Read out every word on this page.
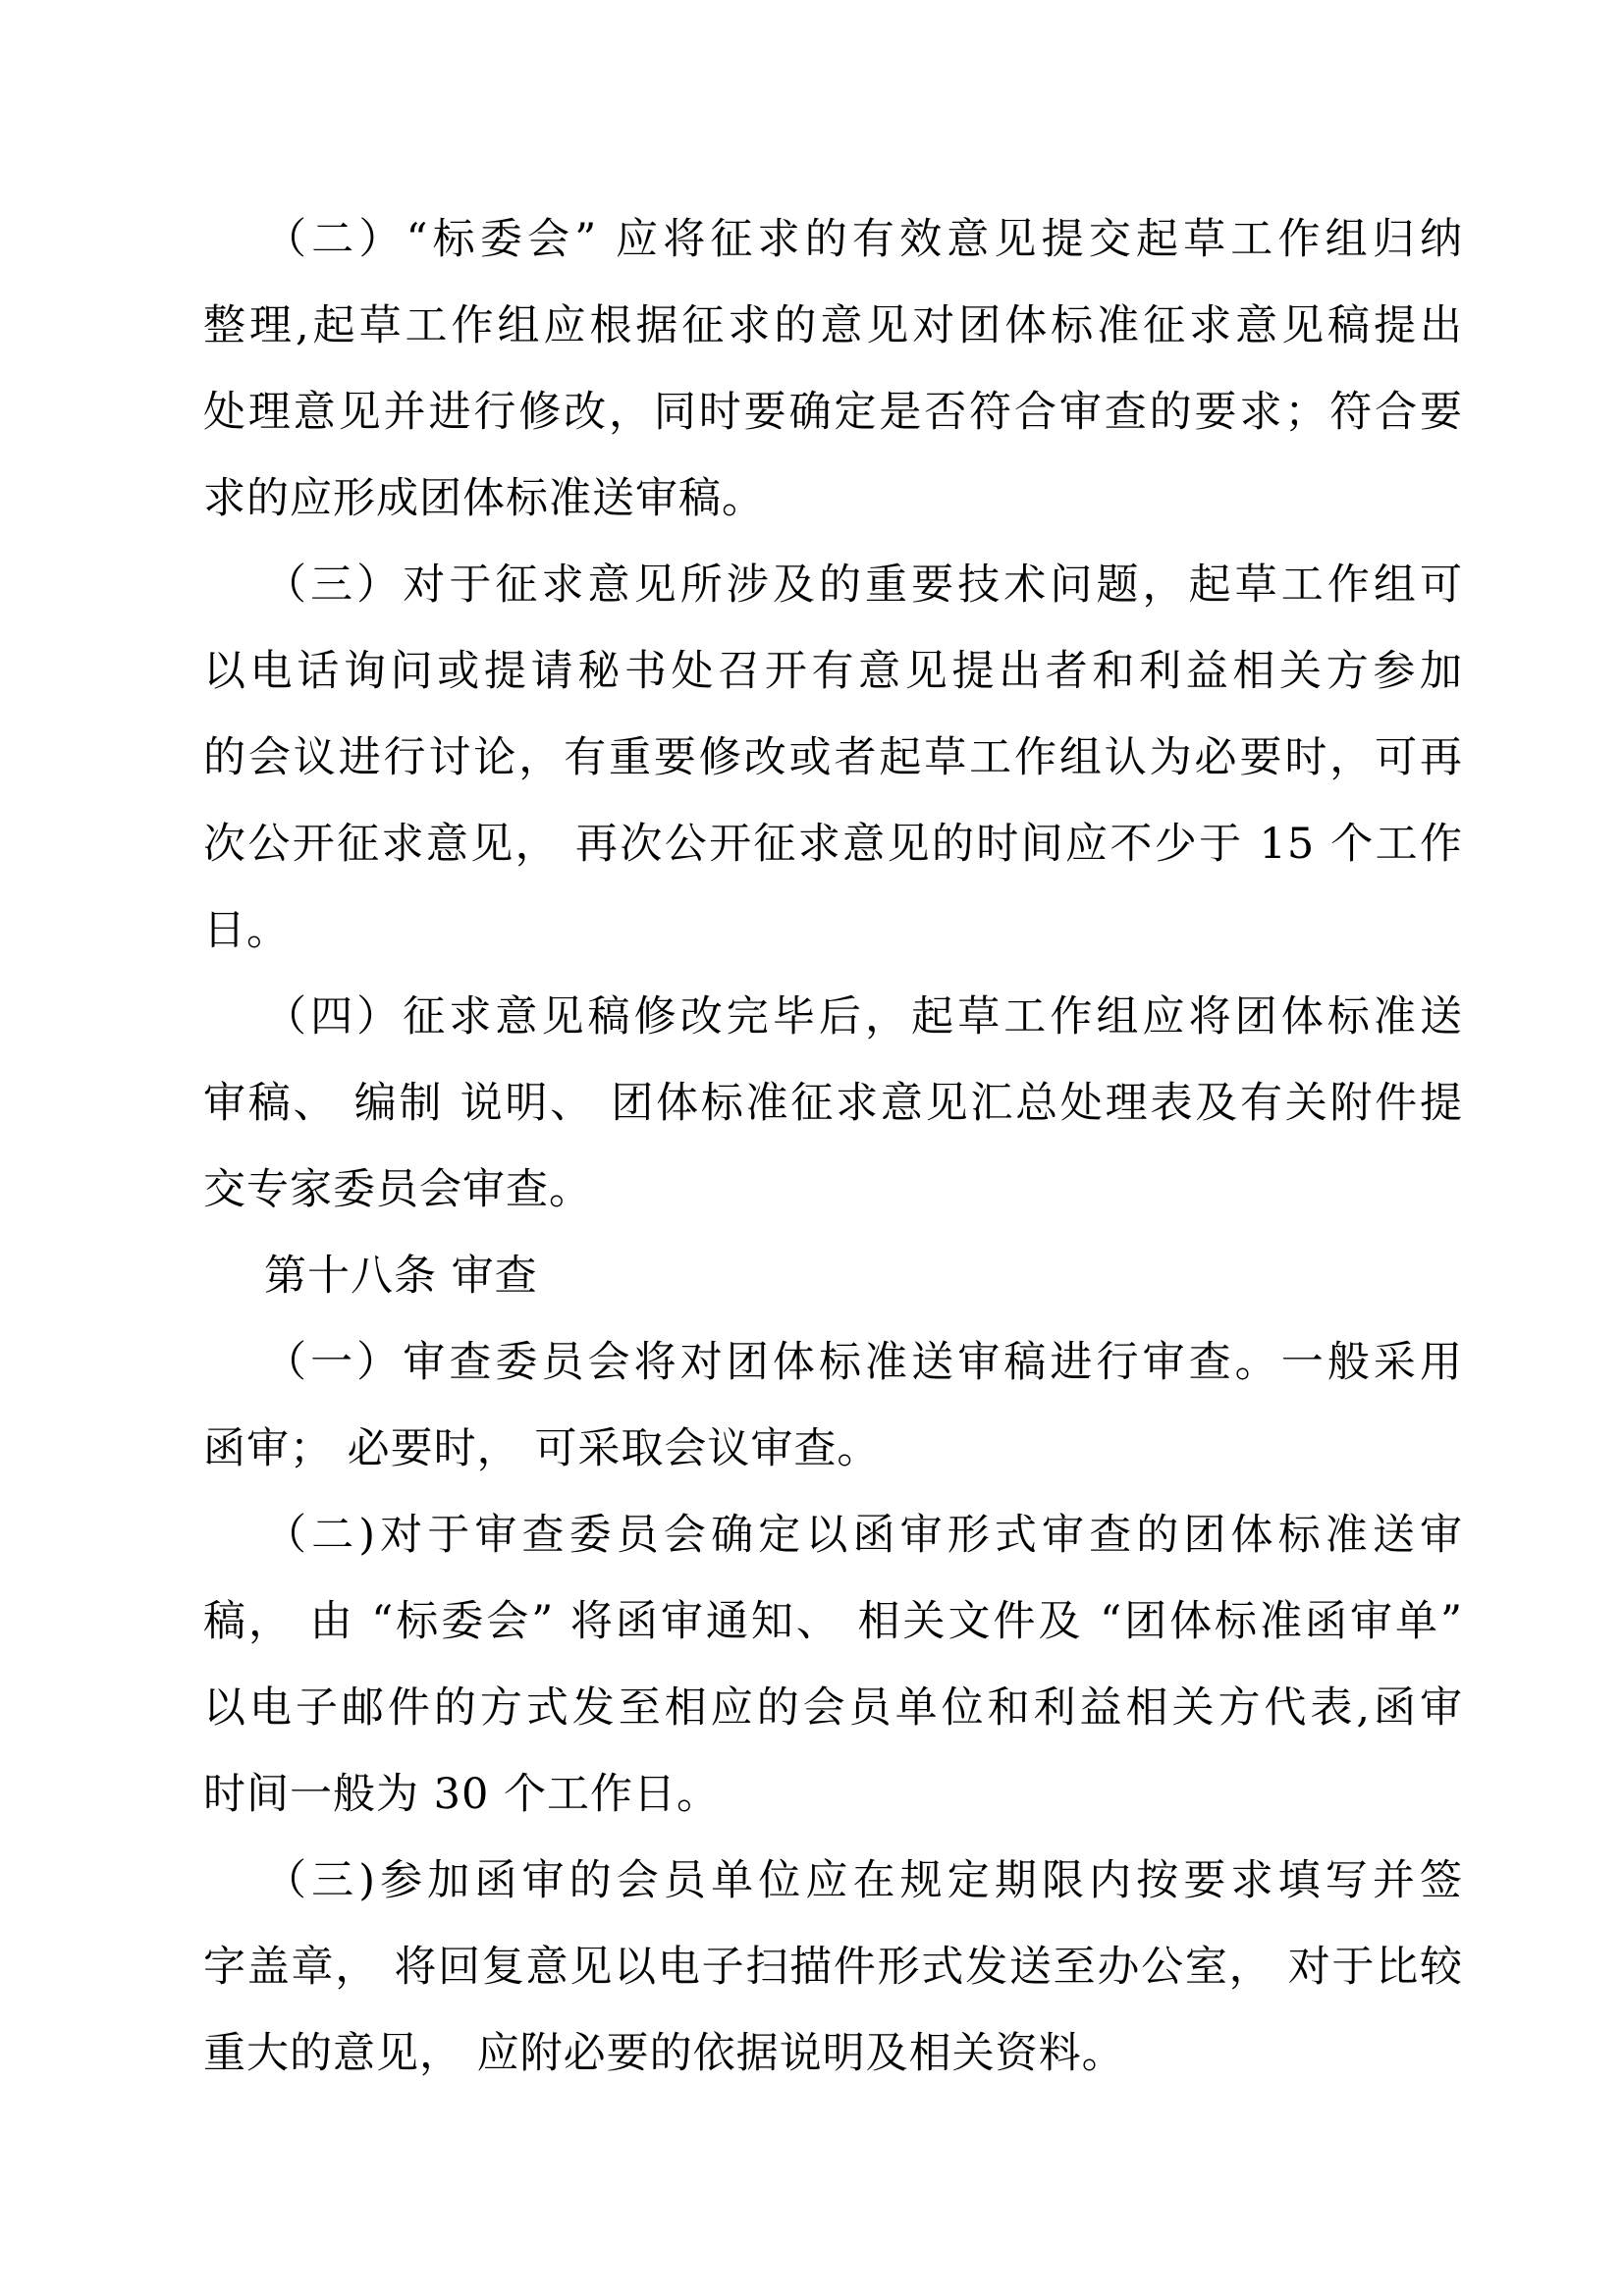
（二）“标委会” 应将征求的有效意见提交起草工作组归纳
整理,起草工作组应根据征求的意见对团体标准征求意见稿提出
处理意见并进行修改，同时要确定是否符合审查的要求；符合要
求的应形成团体标准送审稿。
（三）对于征求意见所涉及的重要技术问题，起草工作组可
以电话询问或提请秘书处召开有意见提出者和利益相关方参加
的会议进行讨论，有重要修改或者起草工作组认为必要时，可再
次公开征求意见， 再次公开征求意见的时间应不少于 15 个工作
日。
（四）征求意见稿修改完毕后，起草工作组应将团体标准送
审稿、 编制 说明、 团体标准征求意见汇总处理表及有关附件提
交专家委员会审查。
第十八条 审查
（一）审查委员会将对团体标准送审稿进行审查。一般采用
函审； 必要时， 可采取会议审查。
（二)对于审查委员会确定以函审形式审查的团体标准送审
稿， 由 “标委会” 将函审通知、 相关文件及 “团体标准函审单”
以电子邮件的方式发至相应的会员单位和利益相关方代表,函审
时间一般为 30 个工作日。
（三)参加函审的会员单位应在规定期限内按要求填写并签
字盖章， 将回复意见以电子扫描件形式发送至办公室， 对于比较
重大的意见， 应附必要的依据说明及相关资料。
